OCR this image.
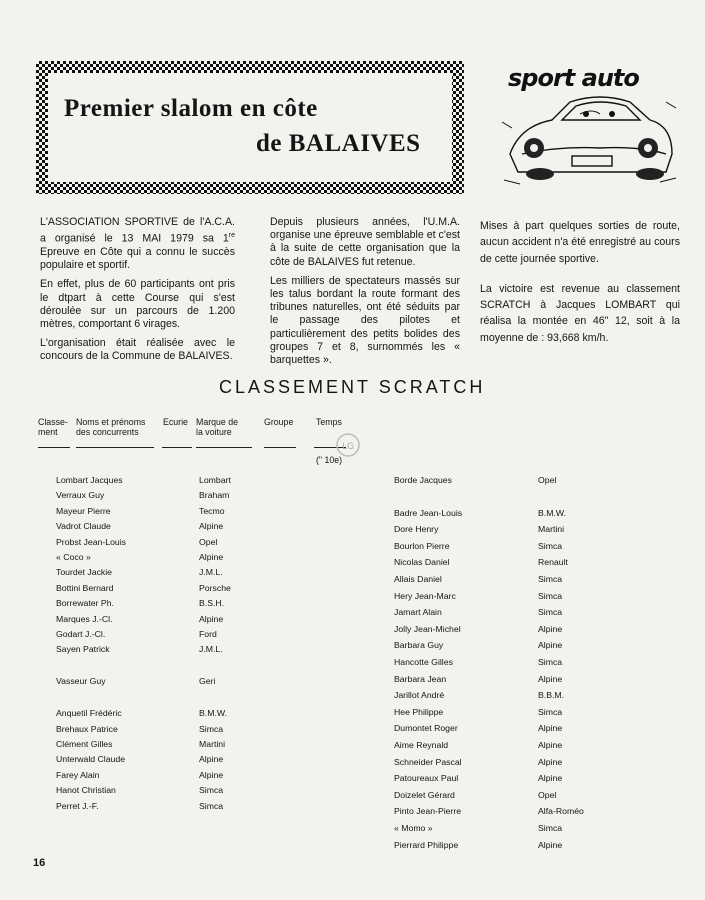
Premier slalom en côte
de BALAIVES
sport auto

L'ASSOCIATION SPORTIVE de l'A.C.A. a organisé le 13 MAI 1979 sa 1re Epreuve en Côte qui a connu le succès populaire et sportif.

En effet, plus de 60 participants ont pris le dtpart à cette Course qui s'est déroulée sur un parcours de 1.200 mètres, comportant 6 virages.

L'organisation était réalisée avec le concours de la Commune de BALAIVES.

Depuis plusieurs années, l'U.M.A. organise une épreuve semblable et c'est à la suite de cette organisation que la côte de BALAIVES fut retenue.

Les milliers de spectateurs massés sur les talus bordant la route formant des tribunes naturelles, ont été séduits par le passage des pilotes et particulièrement des petits bolides des groupes 7 et 8, surnommés les « barquettes ».

Mises à part quelques sorties de route, aucun accident n'a été enregistré au cours de cette journée sportive.

La victoire est revenue au classement SCRATCH à Jacques LOMBART qui réalisa la montée en 46" 12, soit à la moyenne de : 93,668 km/h.

CLASSEMENT SCRATCH
Classe-
ment
Noms et prénoms
des concurrents
Ecurie Marque de
la voiture
Groupe	Temps
(" 10e)
LG
Lombart Jacques	Lombart
Verraux Guy	Braham
Mayeur Pierre	Tecmo
Vadrot Claude	Alpine
Probst Jean-Louis	Opel
« Coco »	Alpine
Tourdet Jackie	J.M.L.
Bottini Bernard	Porsche
Borrewater Ph.	B.S.H.
Marques J.-Cl.	Alpine
Godart J.-Cl.	Ford
Sayen Patrick	J.M.L.
Vasseur Guy	Geri
Anquetil Frédéric	B.M.W.
Brehaux Patrice	Simca
Clément Gilles	Martini
Unterwald Claude	Alpine
Farey Alain	Alpine
Hanot Christian	Simca
Perret J.-F.	Simca
Borde Jacques	Opel
Badre Jean-Louis	B.M.W.
Dore Henry	Martini
Bourlon Pierre	Simca
Nicolas Daniel	Renault
Allais Daniel	Simca
Hery Jean-Marc	Simca
Jamart Alain	Simca
Jolly Jean-Michel	Alpine
Barbara Guy	Alpine
Hancotte Gilles	Simca
Barbara Jean	Alpine
Jarillot André	B.B.M.
Hee Philippe	Simca
Dumontet Roger	Alpine
Aime Reynald	Alpine
Schneider Pascal	Alpine
Patoureaux Paul	Alpine
Doizelet Gérard	Opel
Pinto Jean-Pierre	Alfa-Roméo
« Momo »	Simca
Pierrard Philippe	Alpine
16
